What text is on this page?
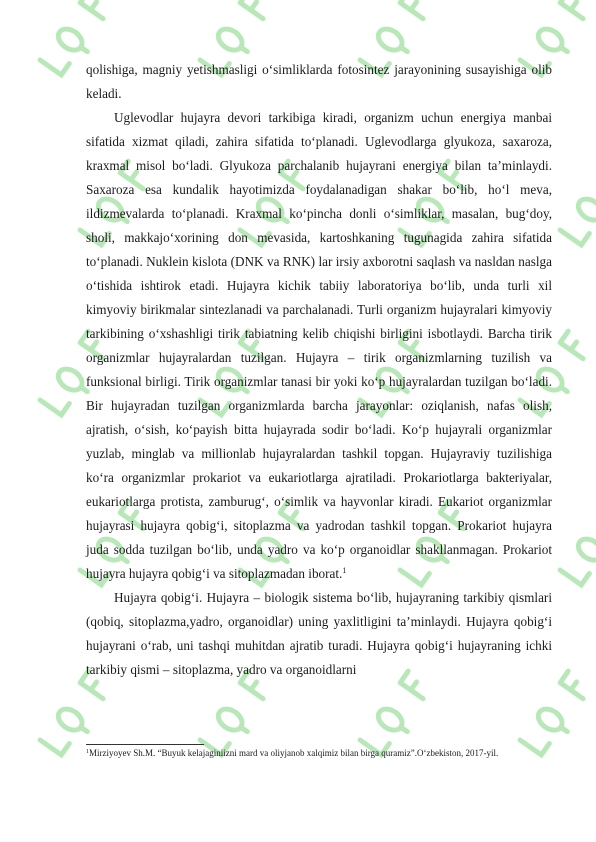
qolishiga, magniy yetishmasligi o‘simliklarda fotosintez jarayonining susayishiga olib keladi.

Uglevodlar hujayra devori tarkibiga kiradi, organizm uchun energiya manbai sifatida xizmat qiladi, zahira sifatida to‘planadi. Uglevodlarga glyukoza, saxaroza, kraxmal misol bo‘ladi. Glyukoza parchalanib hujayrani energiya bilan ta’minlaydi. Saxaroza esa kundalik hayotimizda foydalanadigan shakar bo‘lib, ho‘l meva, ildizmevalarda to‘planadi. Kraxmal ko‘pincha donli o‘simliklar, masalan, bug‘doy, sholi, makkajo‘xorining don mevasida, kartoshkaning tugunagida zahira sifatida to‘planadi. Nuklein kislota (DNK va RNK) lar irsiy axborotni saqlash va nasldan naslga o‘tishida ishtirok etadi. Hujayra kichik tabiiy laboratoriya bo‘lib, unda turli xil kimyoviy birikmalar sintezlanadi va parchalanadi. Turli organizm hujayralari kimyoviy tarkibining o‘xshashligi tirik tabiatning kelib chiqishi birligini isbotlaydi. Barcha tirik organizmlar hujayralardan tuzilgan. Hujayra – tirik organizmlarning tuzilish va funksional birligi. Tirik organizmlar tanasi bir yoki ko‘p hujayralardan tuzilgan bo‘ladi. Bir hujayradan tuzilgan organizmlarda barcha jarayonlar: oziqlanish, nafas olish, ajratish, o‘sish, ko‘payish bitta hujayrada sodir bo‘ladi. Ko‘p hujayrali organizmlar yuzlab, minglab va millionlab hujayralardan tashkil topgan. Hujayraviy tuzilishiga ko‘ra organizmlar prokariot va eukariotlarga ajratiladi. Prokariotlarga bakteriyalar, eukariotlarga protista, zamburug‘, o‘simlik va hayvonlar kiradi. Eukariot organizmlar hujayrasi hujayra qobig‘i, sitoplazma va yadrodan tashkil topgan. Prokariot hujayra juda sodda tuzilgan bo‘lib, unda yadro va ko‘p organoidlar shakllanmagan. Prokariot hujayra hujayra qobig‘i va sitoplazmadan iborat.$^1$

Hujayra qobig‘i. Hujayra – biologik sistema bo‘lib, hujayraning tarkibiy qismlari (qobiq, sitoplazma,yadro, organoidlar) uning yaxlitligini ta’minlaydi. Hujayra qobig‘i hujayrani o‘rab, uni tashqi muhitdan ajratib turadi. Hujayra qobig‘i hujayraning ichki tarkibiy qismi – sitoplazma, yadro va organoidlarni

$^1$Mirziyoyev Sh.M. “Buyuk kelajaginiizni mard va oliyjanob xalqimiz bilan birga quramiz”.O‘zbekiston, 2017-yil.
